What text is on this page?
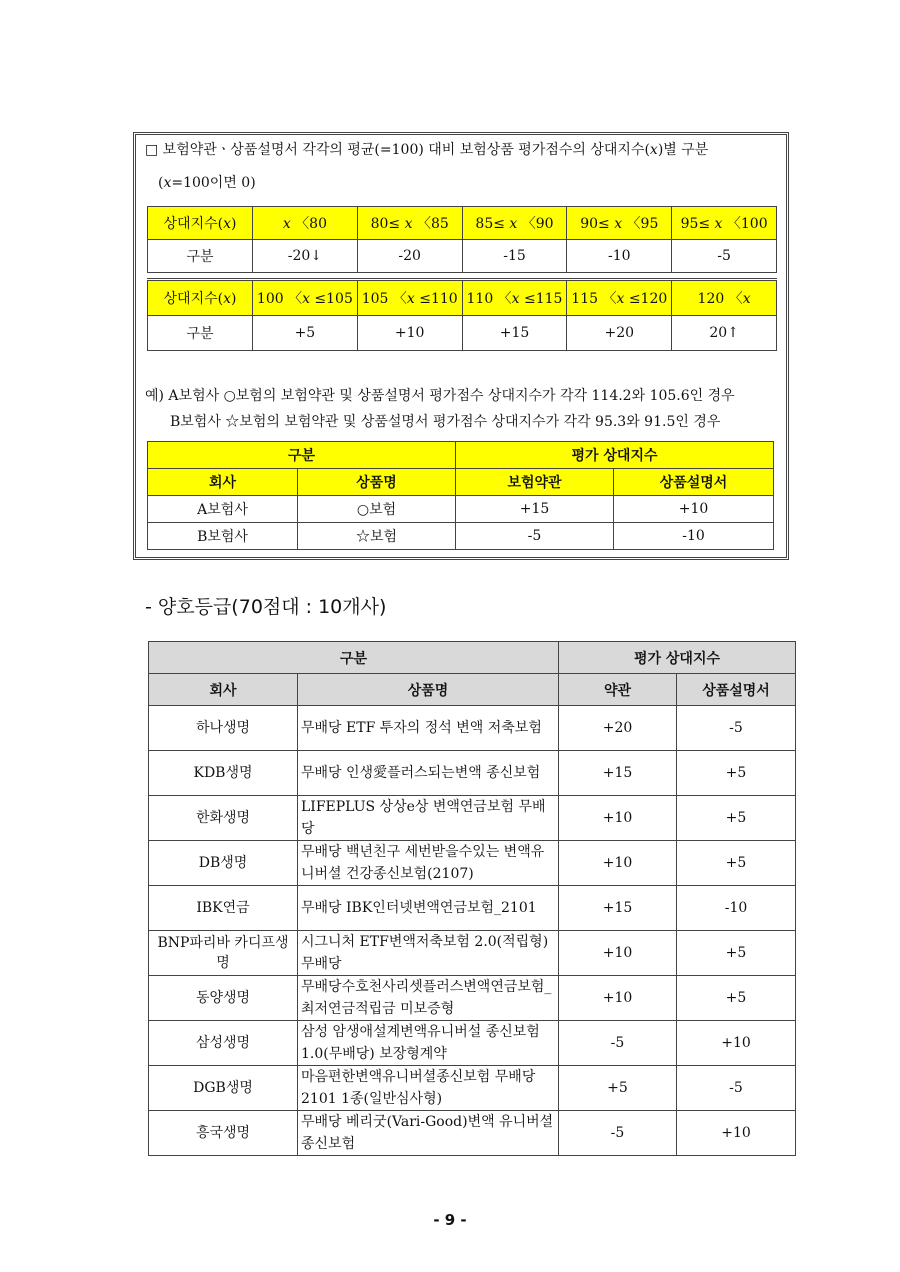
□ 보험약관ㆍ상품설명서 각각의 평균(=100) 대비 보험상품 평가점수의 상대지수(𝑥)별 구분
(𝑥=100이면 0)
상대지수(𝑥)	𝑥 〈80	80≤ 𝑥 〈85	85≤ 𝑥 〈90	90≤ 𝑥 〈95	95≤ 𝑥 〈100
구분	-20↓	-20	-15	-10	-5
상대지수(𝑥)	100 〈𝑥 ≤105	105 〈𝑥 ≤110	110 〈𝑥 ≤115	115 〈𝑥 ≤120	120 〈𝑥
구분	+5	+10	+15	+20	20↑
예) A보험사 ○보험의 보험약관 및 상품설명서 평가점수 상대지수가 각각 114.2와 105.6인 경우
B보험사 ☆보험의 보험약관 및 상품설명서 평가점수 상대지수가 각각 95.3와 91.5인 경우
구분		평가 상대지수	
회사	상품명	보험약관	상품설명서
A보험사	○보험	+15	+10
B보험사	☆보험	-5	-10
- 양호등급(70점대 : 10개사)
구분		평가 상대지수	
회사	상품명	약관	상품설명서
하나생명	무배당 ETF 투자의 정석 변액 저축보험	+20	-5
KDB생명	무배당 인생愛플러스되는변액 종신보험	+15	+5
한화생명	LIFEPLUS 상상e상 변액연금보험 무배당	+10	+5
DB생명	무배당 백년친구 세번받을수있는 변액유니버셜 건강종신보험(2107)	+10	+5
IBK연금	무배당 IBK인터넷변액연금보험_2101	+15	-10
BNP파리바 카디프생명	시그니처 ETF변액저축보험 2.0(적립형) 무배당	+10	+5
동양생명	무배당수호천사리셋플러스변액연금보험_최저연금적립금 미보증형	+10	+5
삼성생명	삼성 암생애설계변액유니버설 종신보험1.0(무배당) 보장형계약	-5	+10
DGB생명	마음편한변액유니버셜종신보험 무배당 2101 1종(일반심사형)	+5	-5
흥국생명	무배당 베리굿(Vari-Good)변액 유니버셜종신보험	-5	+10
- 9 -
